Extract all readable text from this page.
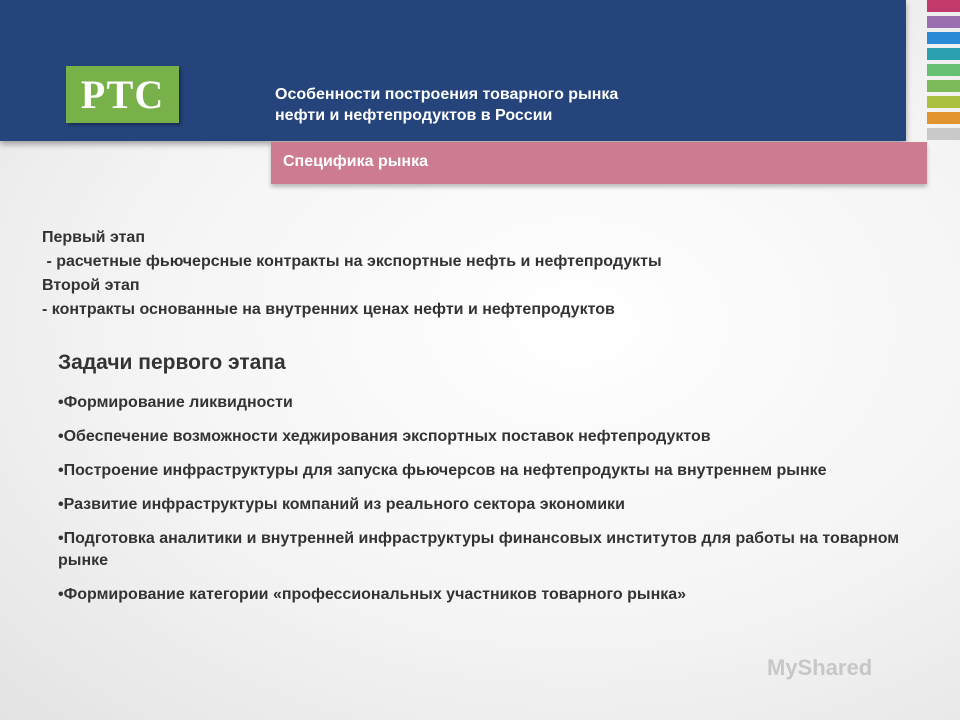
РТС	Особенности построения товарного рынка
нефти и нефтепродуктов в России
Специфика рынка
Первый этап
- расчетные фьючерсные контракты на экспортные нефть и нефтепродукты
Второй этап
- контракты основанные на внутренних ценах нефти и нефтепродуктов
Задачи первого этапа
•Формирование ликвидности
•Обеспечение возможности хеджирования экспортных поставок нефтепродуктов
•Построение инфраструктуры для запуска фьючерсов на нефтепродукты на внутреннем рынке
•Развитие инфраструктуры компаний из реального сектора экономики
•Подготовка аналитики и внутренней инфраструктуры финансовых институтов для работы на товарном рынке
•Формирование категории «профессиональных участников товарного рынка»
MyShared
